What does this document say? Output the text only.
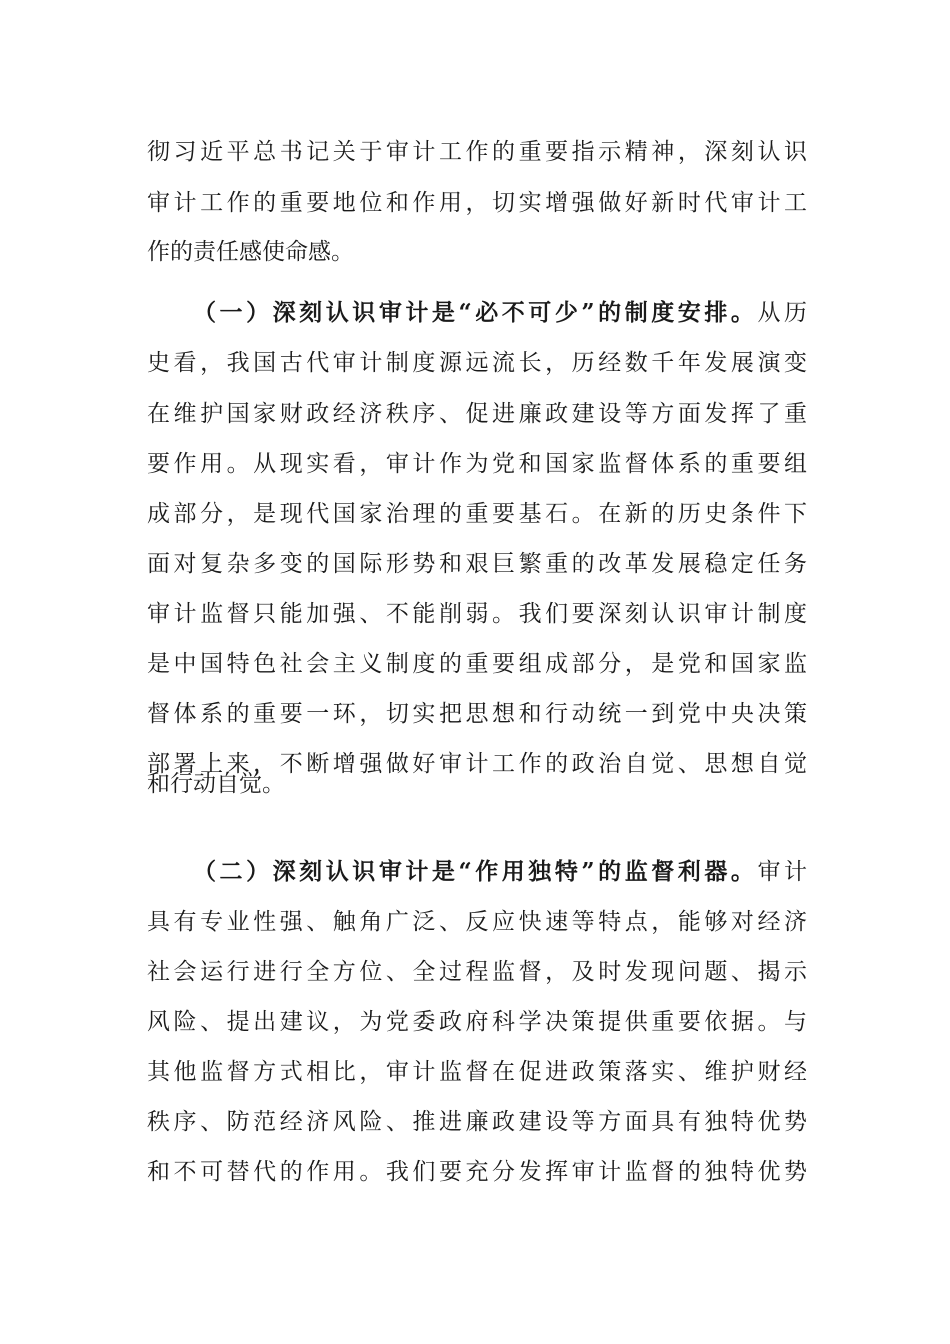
彻习近平总书记关于审计工作的重要指示精神，深刻认识
审计工作的重要地位和作用，切实增强做好新时代审计工
作的责任感使命感。
（一）深刻认识审计是“必不可少”的制度安排。从历
史看，我国古代审计制度源远流长，历经数千年发展演变
在维护国家财政经济秩序、促进廉政建设等方面发挥了重
要作用。从现实看，审计作为党和国家监督体系的重要组
成部分，是现代国家治理的重要基石。在新的历史条件下
面对复杂多变的国际形势和艰巨繁重的改革发展稳定任务
审计监督只能加强、不能削弱。我们要深刻认识审计制度
是中国特色社会主义制度的重要组成部分，是党和国家监
督体系的重要一环，切实把思想和行动统一到党中央决策
部署上来，不断增强做好审计工作的政治自觉、思想自觉
和行动自觉。
（二）深刻认识审计是“作用独特”的监督利器。审计
具有专业性强、触角广泛、反应快速等特点，能够对经济
社会运行进行全方位、全过程监督，及时发现问题、揭示
风险、提出建议，为党委政府科学决策提供重要依据。与
其他监督方式相比，审计监督在促进政策落实、维护财经
秩序、防范经济风险、推进廉政建设等方面具有独特优势
和不可替代的作用。我们要充分发挥审计监督的独特优势
